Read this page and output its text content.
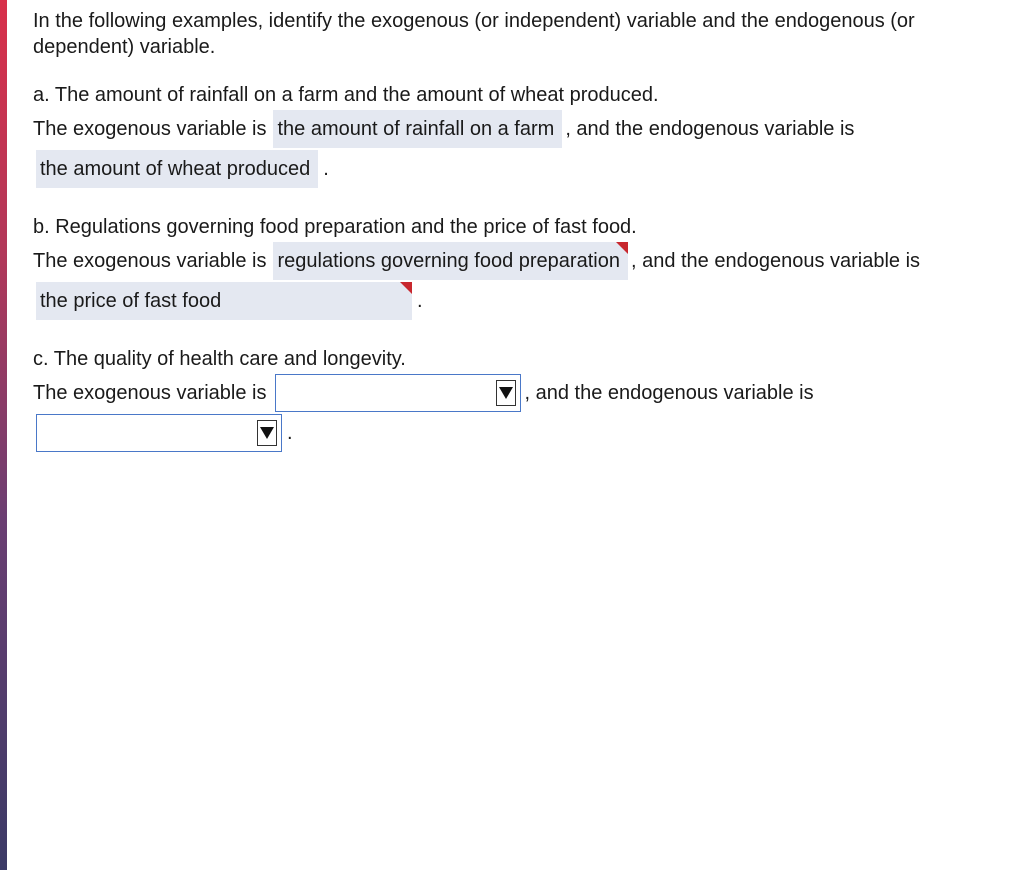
In the following examples, identify the exogenous (or independent) variable and the endogenous (or dependent) variable.

a. The amount of rainfall on a farm and the amount of wheat produced.
The exogenous variable is the amount of rainfall on a farm , and the endogenous variable is
the amount of wheat produced .
b. Regulations governing food preparation and the price of fast food.
The exogenous variable is regulations governing food preparation , and the endogenous variable is
the price of fast food	.
c. The quality of health care and longevity.
The exogenous variable is	, and the endogenous variable is
.
